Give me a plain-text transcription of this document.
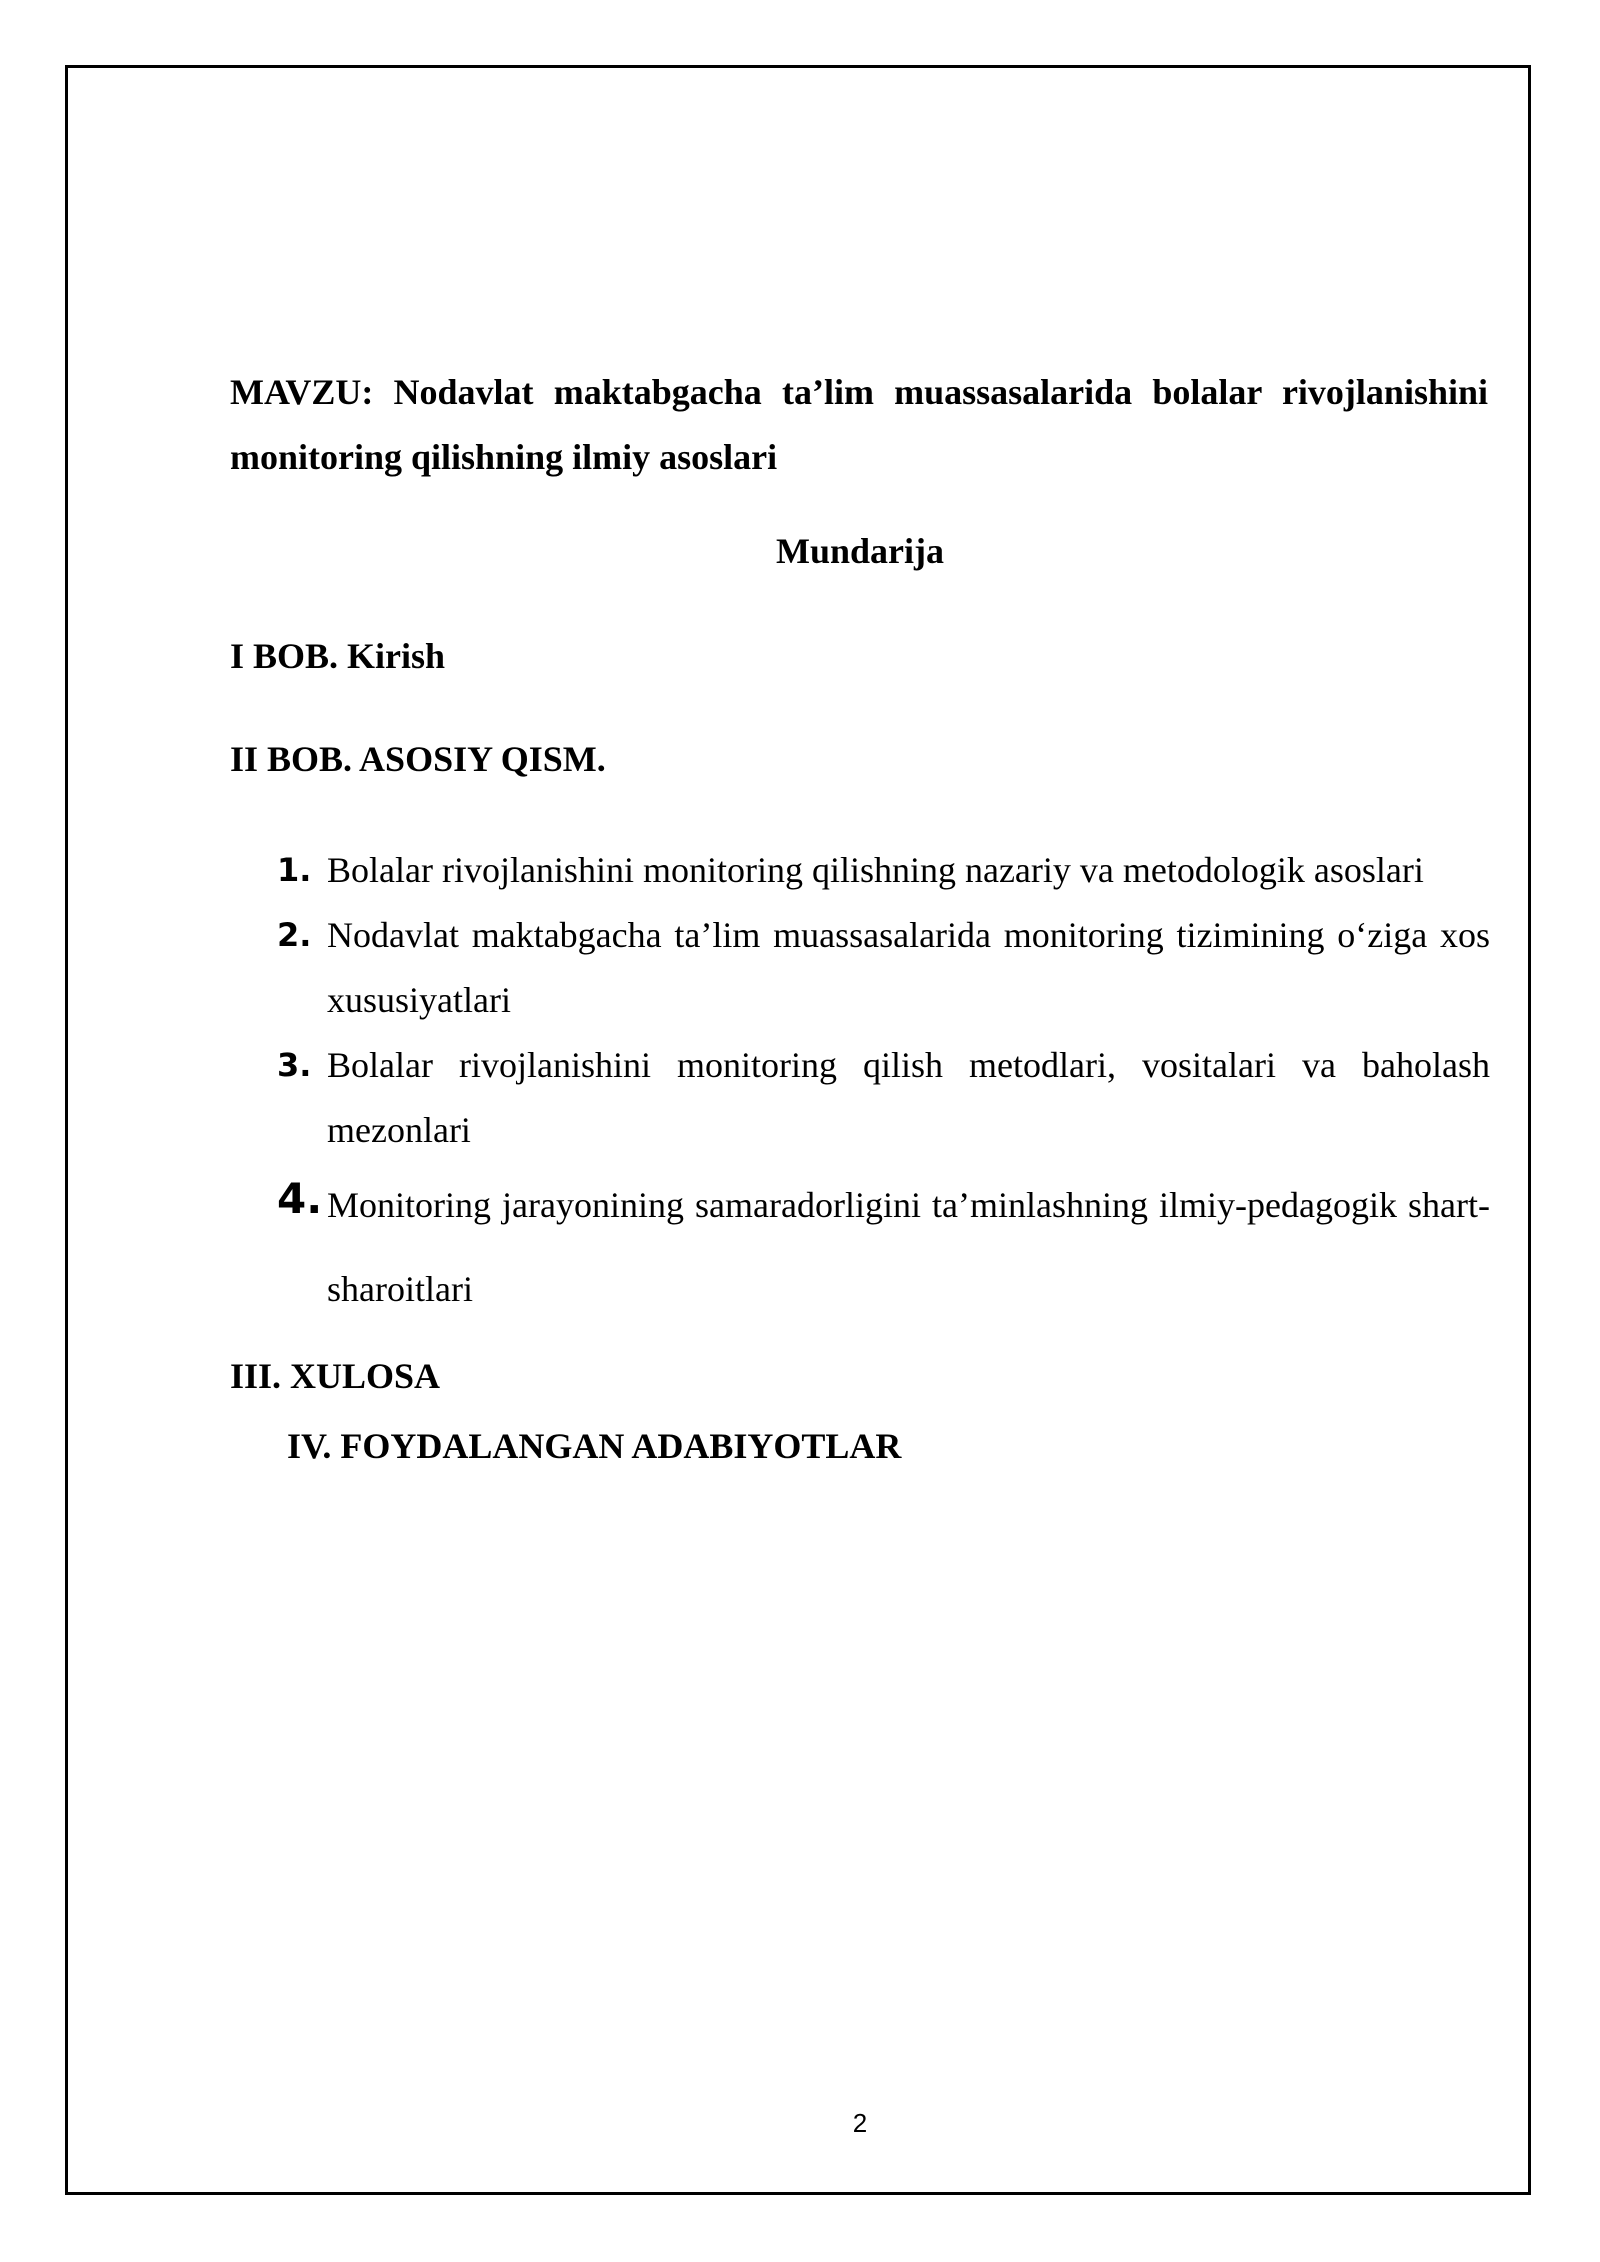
MAVZU: Nodavlat maktabgacha ta’lim muassasalarida bolalar rivojlanishini monitoring qilishning ilmiy asoslari
Mundarija
I BOB. Kirish
II BOB. ASOSIY QISM.
1. Bolalar rivojlanishini monitoring qilishning nazariy va metodologik asoslari
2. Nodavlat maktabgacha ta’lim muassasalarida monitoring tizimining o‘ziga xos xususiyatlari
3. Bolalar rivojlanishini monitoring qilish metodlari, vositalari va baholash mezonlari
4. Monitoring jarayonining samaradorligini ta’minlashning ilmiy-pedagogik shart-sharoitlari
III. XULOSA
IV. FOYDALANGAN ADABIYOTLAR
2
